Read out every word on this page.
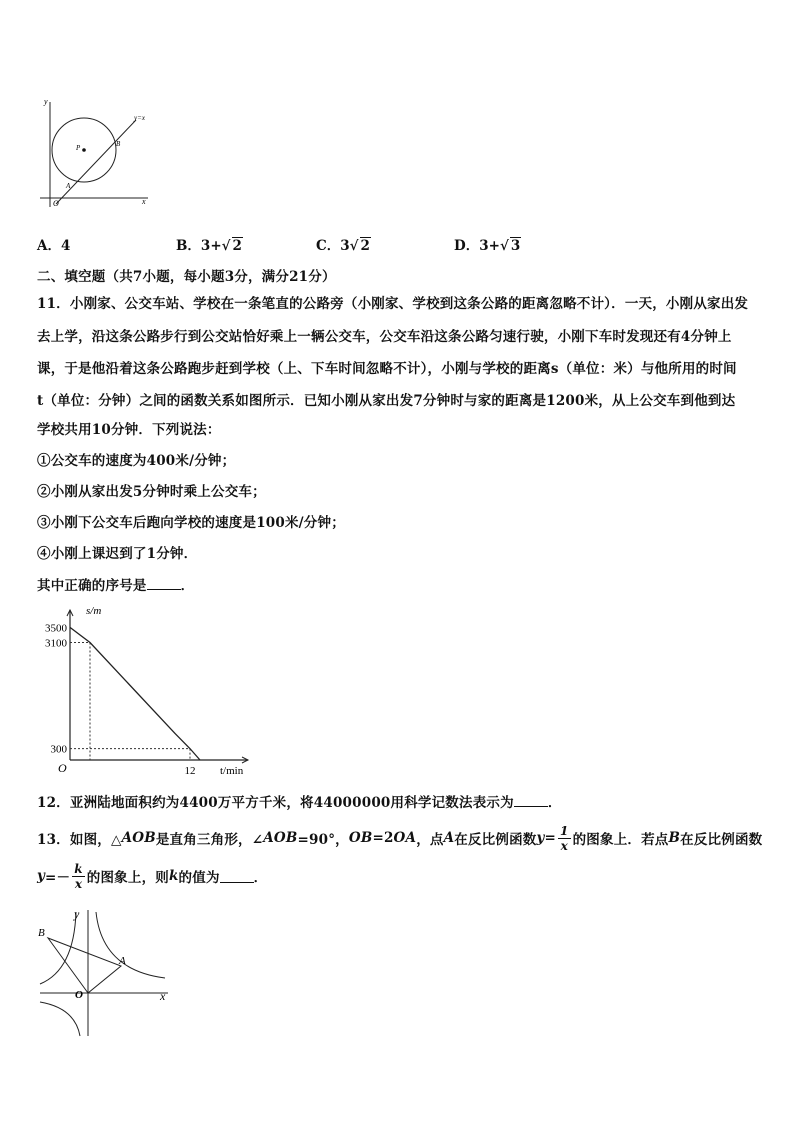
y
x
O
P
A
B
y=x
A．4	B．3+√ 2	C．3√ 2	D．3+√ 3
二、填空题（共7小题，每小题3分，满分21分）
11．小刚家、公交车站、学校在一条笔直的公路旁（小刚家、学校到这条公路的距离忽略不计）．一天，小刚从家出发
去上学，沿这条公路步行到公交站恰好乘上一辆公交车，公交车沿这条公路匀速行驶，小刚下车时发现还有4分钟上
课，于是他沿着这条公路跑步赶到学校（上、下车时间忽略不计），小刚与学校的距离s（单位：米）与他所用的时间
t（单位：分钟）之间的函数关系如图所示．已知小刚从家出发7分钟时与家的距离是1200米，从上公交车到他到达
学校共用10分钟．下列说法：
①公交车的速度为400米/分钟；
②小刚从家出发5分钟时乘上公交车；
③小刚下公交车后跑向学校的速度是100米/分钟；
④小刚上课迟到了1分钟．
其中正确的序号是	．
3500
3100
300
12
O
s/m
t/min
12．亚洲陆地面积约为4400万平方千米，将44000000用科学记数法表示为	．
13．如图，△ AOB 是直角三角形，∠ AOB =90°， OB =2 OA ，点 A 在反比例函数 $y = \frac{1}{x}$ 的图象上．若点 B 在反比例函数
$y =- \frac{k}{x}$ 的图象上，则 k 的值为	．
y
x
O
A
B
